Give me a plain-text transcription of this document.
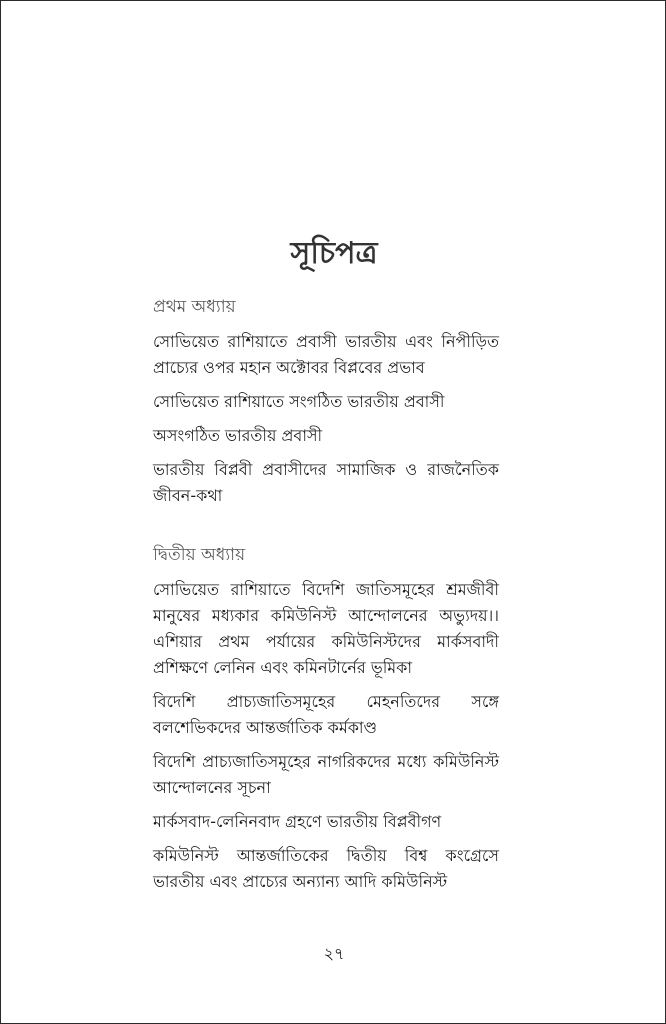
সূচিপত্র
প্রথম অধ্যায়
সোভিয়েত রাশিয়াতে প্রবাসী ভারতীয় এবং নিপীড়িত প্রাচ্যের ওপর মহান অক্টোবর বিপ্লবের প্রভাব
সোভিয়েত রাশিয়াতে সংগঠিত ভারতীয় প্রবাসী
অসংগঠিত ভারতীয় প্রবাসী
ভারতীয় বিপ্লবী প্রবাসীদের সামাজিক ও রাজনৈতিক জীবন-কথা
দ্বিতীয় অধ্যায়
সোভিয়েত রাশিয়াতে বিদেশি জাতিসমূহের শ্রমজীবী মানুষের মধ্যকার কমিউনিস্ট আন্দোলনের অভ্যুদয়।। এশিয়ার প্রথম পর্যায়ের কমিউনিস্টদের মার্কসবাদী প্রশিক্ষণে লেনিন এবং কমিনটার্নের ভূমিকা
বিদেশি প্রাচ্যজাতিসমূহের মেহনতিদের সঙ্গে বলশেভিকদের আন্তর্জাতিক কর্মকাণ্ড
বিদেশি প্রাচ্যজাতিসমূহের নাগরিকদের মধ্যে কমিউনিস্ট আন্দোলনের সূচনা
মার্কসবাদ-লেনিনবাদ গ্রহণে ভারতীয় বিপ্লবীগণ
কমিউনিস্ট আন্তর্জাতিকের দ্বিতীয় বিশ্ব কংগ্রেসে ভারতীয় এবং প্রাচ্যের অন্যান্য আদি কমিউনিস্ট
২৭
